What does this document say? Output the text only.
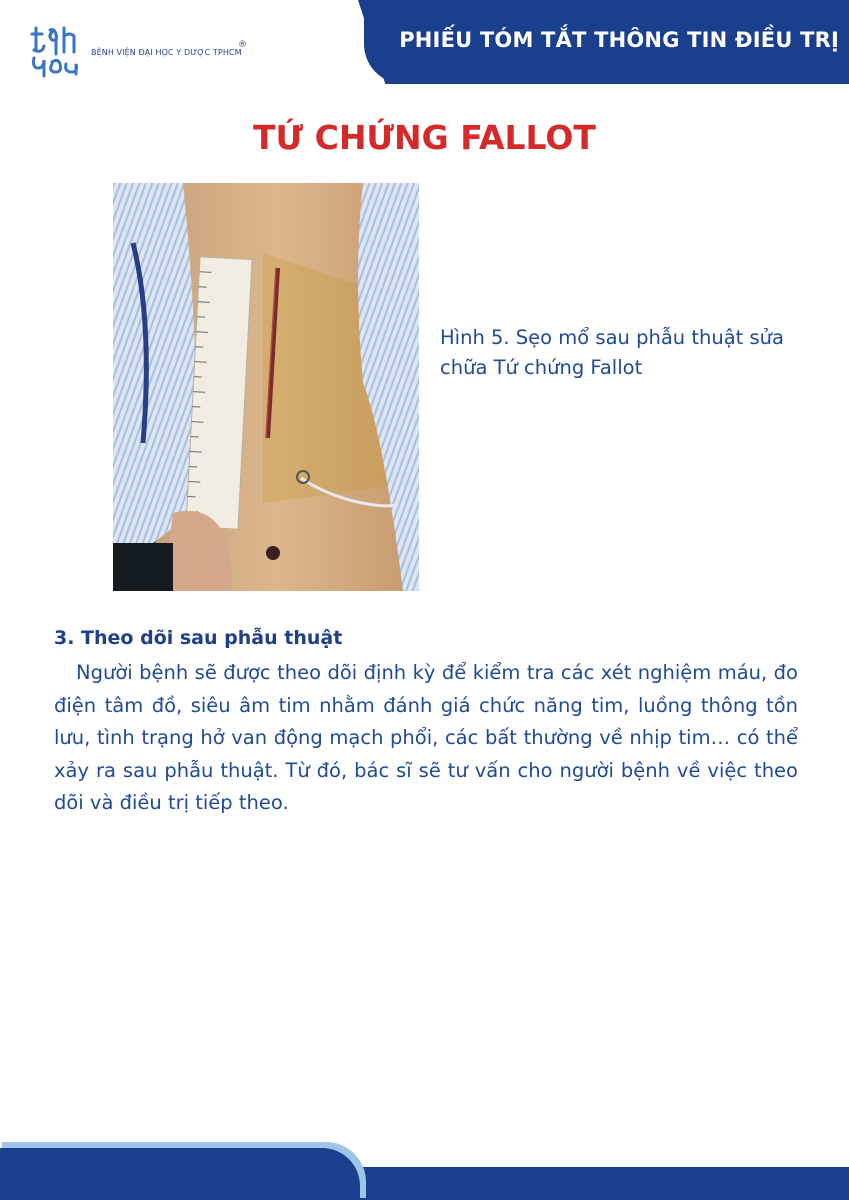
BỆNH VIỆN ĐẠI HỌC Y DƯỢC TPHCM
®	PHIẾU TÓM TẮT THÔNG TIN ĐIỀU TRỊ
TỨ CHỨNG FALLOT
Hình 5. Sẹo mổ sau phẫu thuật sửa chữa Tứ chứng Fallot
3. Theo dõi sau phẫu thuật
Người bệnh sẽ được theo dõi định kỳ để kiểm tra các xét nghiệm máu, đo điện tâm đồ, siêu âm tim nhằm đánh giá chức năng tim, luồng thông tồn lưu, tình trạng hở van động mạch phổi, các bất thường về nhịp tim… có thể xảy ra sau phẫu thuật. Từ đó, bác sĩ sẽ tư vấn cho người bệnh về việc theo dõi và điều trị tiếp theo.
